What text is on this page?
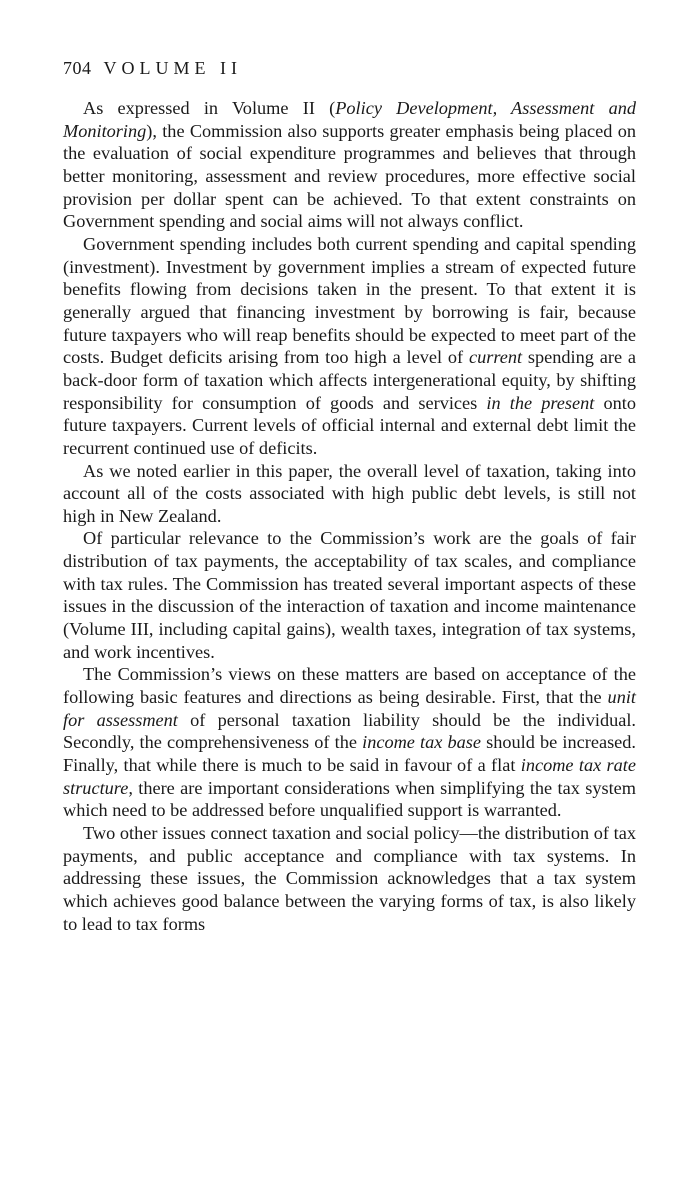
704 VOLUME II

As expressed in Volume II (Policy Development, Assessment and Monitoring), the Commission also supports greater emphasis being placed on the evaluation of social expenditure programmes and believes that through better monitoring, assessment and review procedures, more effective social provision per dollar spent can be achieved. To that extent constraints on Government spending and social aims will not always conflict.

Government spending includes both current spending and capital spending (investment). Investment by government implies a stream of expected future benefits flowing from decisions taken in the present. To that extent it is generally argued that financing investment by borrowing is fair, because future taxpayers who will reap benefits should be expected to meet part of the costs. Budget deficits arising from too high a level of current spending are a back-door form of taxation which affects intergenerational equity, by shifting responsibility for consumption of goods and services in the present onto future taxpayers. Current levels of official internal and external debt limit the recurrent continued use of deficits.

As we noted earlier in this paper, the overall level of taxation, taking into account all of the costs associated with high public debt levels, is still not high in New Zealand.

Of particular relevance to the Commission’s work are the goals of fair distribution of tax payments, the acceptability of tax scales, and compliance with tax rules. The Commission has treated several important aspects of these issues in the discussion of the interaction of taxation and income maintenance (Volume III, including capital gains), wealth taxes, integration of tax systems, and work incentives.

The Commission’s views on these matters are based on acceptance of the following basic features and directions as being desirable. First, that the unit for assessment of personal taxation liability should be the individual. Secondly, the comprehensiveness of the income tax base should be increased. Finally, that while there is much to be said in favour of a flat income tax rate structure, there are important considerations when simplifying the tax system which need to be addressed before unqualified support is warranted.

Two other issues connect taxation and social policy—the distribution of tax payments, and public acceptance and compliance with tax systems. In addressing these issues, the Commission acknowledges that a tax system which achieves good balance between the varying forms of tax, is also likely to lead to tax forms
